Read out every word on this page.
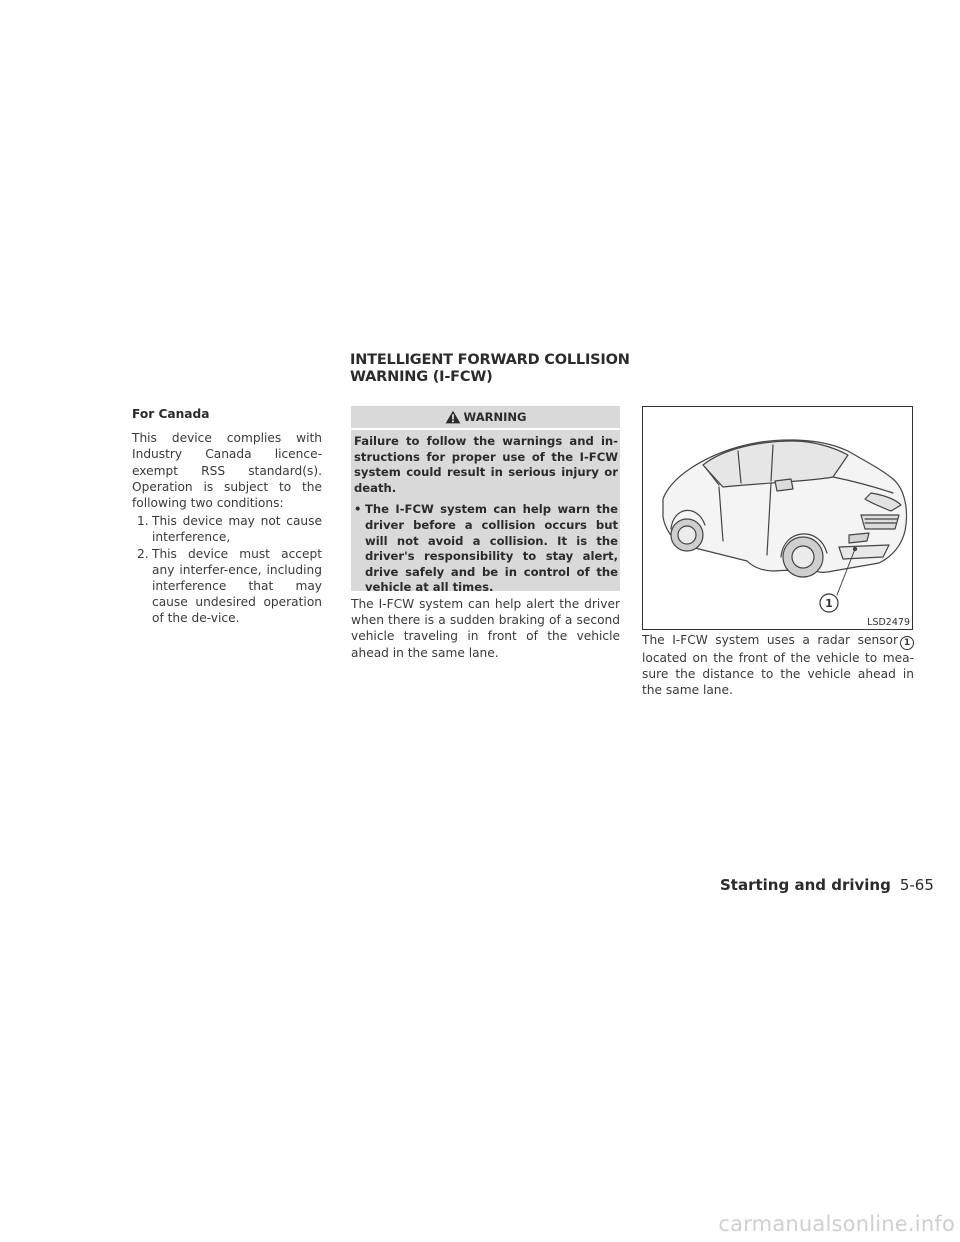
INTELLIGENT FORWARD COLLISION
WARNING (I-FCW)
For Canada

This device complies with Industry Canada licence-exempt RSS standard(s). Operation is subject to the following two conditions:

1. This device may not cause interference,
2. This device must accept any interfer-ence, including interference that may cause undesired operation of the de-vice.
WARNING

Failure to follow the warnings and in-structions for proper use of the I-FCW system could result in serious injury or death.

• The I-FCW system can help warn the driver before a collision occurs but will not avoid a collision. It is the driver's responsibility to stay alert, drive safely and be in control of the vehicle at all times.

The I-FCW system can help alert the driver when there is a sudden braking of a second vehicle traveling in front of the vehicle ahead in the same lane.

1
LSD2479

The I-FCW system uses a radar sensor 1 located on the front of the vehicle to mea-sure the distance to the vehicle ahead in the same lane.

Starting and driving 5-65
carmanualsonline.info
